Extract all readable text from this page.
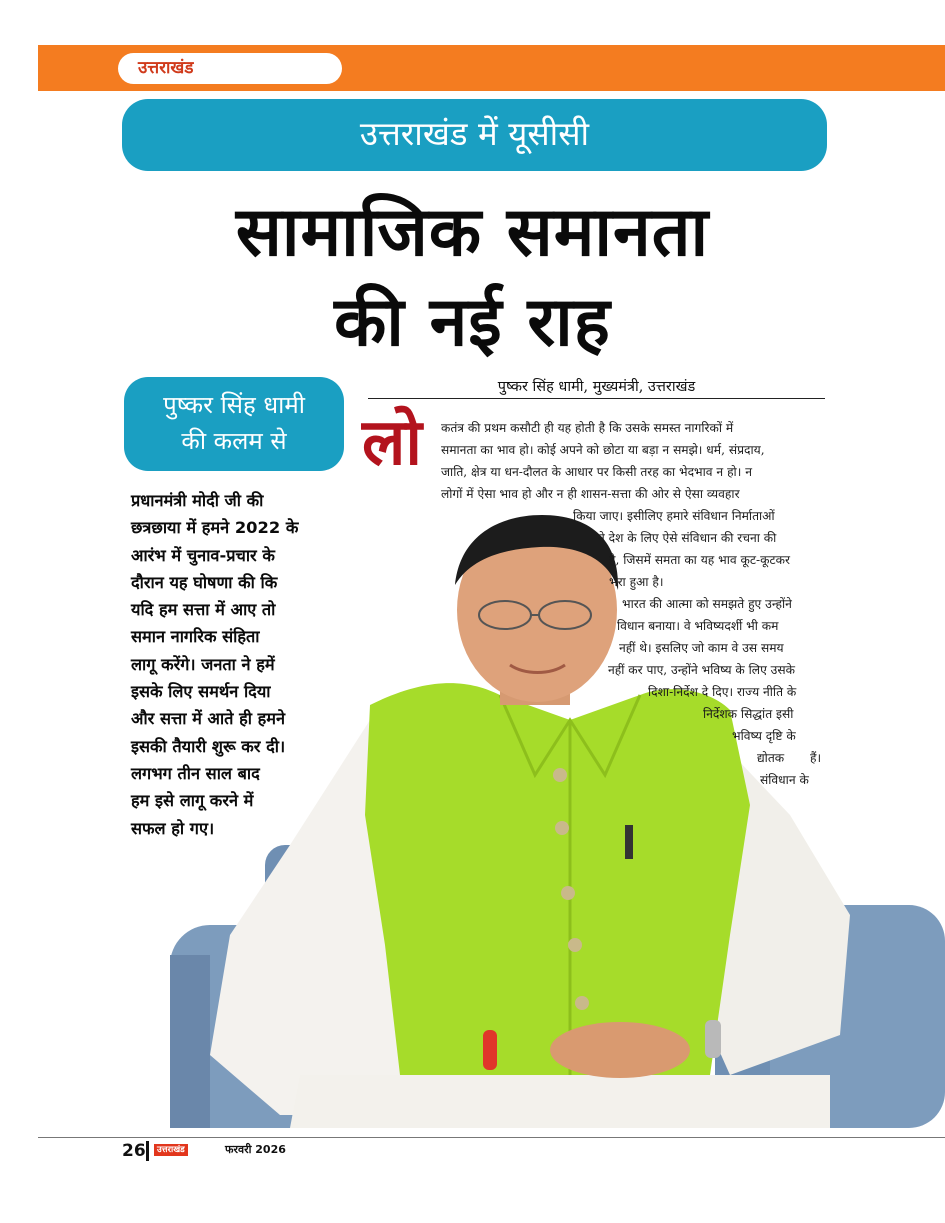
उत्तराखंड
उत्तराखंड में यूसीसी
सामाजिक समानता
की नई राह
पुष्कर सिंह धामी
की कलम से
पुष्कर सिंह धामी, मुख्यमंत्री, उत्तराखंड
लो कतंत्र की प्रथम कसौटी ही यह होती है कि उसके समस्त नागरिकों में
समानता का भाव हो। कोई अपने को छोटा या बड़ा न समझे। धर्म, संप्रदाय,
जाति, क्षेत्र या धन-दौलत के आधार पर किसी तरह का भेदभाव न हो। न
लोगों में ऐसा भाव हो और न ही शासन-सत्ता की ओर से ऐसा व्यवहार
किया जाए। इसीलिए हमारे संविधान निर्माताओं
ने देश के लिए ऐसे संविधान की रचना की
है, जिसमें समता का यह भाव कूट-कूटकर
भरा हुआ है।
भारत की आत्मा को समझते हुए उन्होंने
विधान बनाया। वे भविष्यदर्शी भी कम
नहीं थे। इसलिए जो काम वे उस समय
नहीं कर पाए, उन्होंने भविष्य के लिए उसके
दिशा-निर्देश दे दिए। राज्य नीति के
निर्देशक सिद्धांत इसी
भविष्य दृष्टि के
द्योतक हैं।
संविधान के
प्रधानमंत्री मोदी जी की
छत्रछाया में हमने 2022 के
आरंभ में चुनाव-प्रचार के
दौरान यह घोषणा की कि
यदि हम सत्ता में आए तो
समान नागरिक संहिता
लागू करेंगे। जनता ने हमें
इसके लिए समर्थन दिया
और सत्ता में आते ही हमने
इसकी तैयारी शुरू कर दी।
लगभग तीन साल बाद
हम इसे लागू करने में
सफल हो गए।
26	उत्तराखंड	फरवरी 2026
